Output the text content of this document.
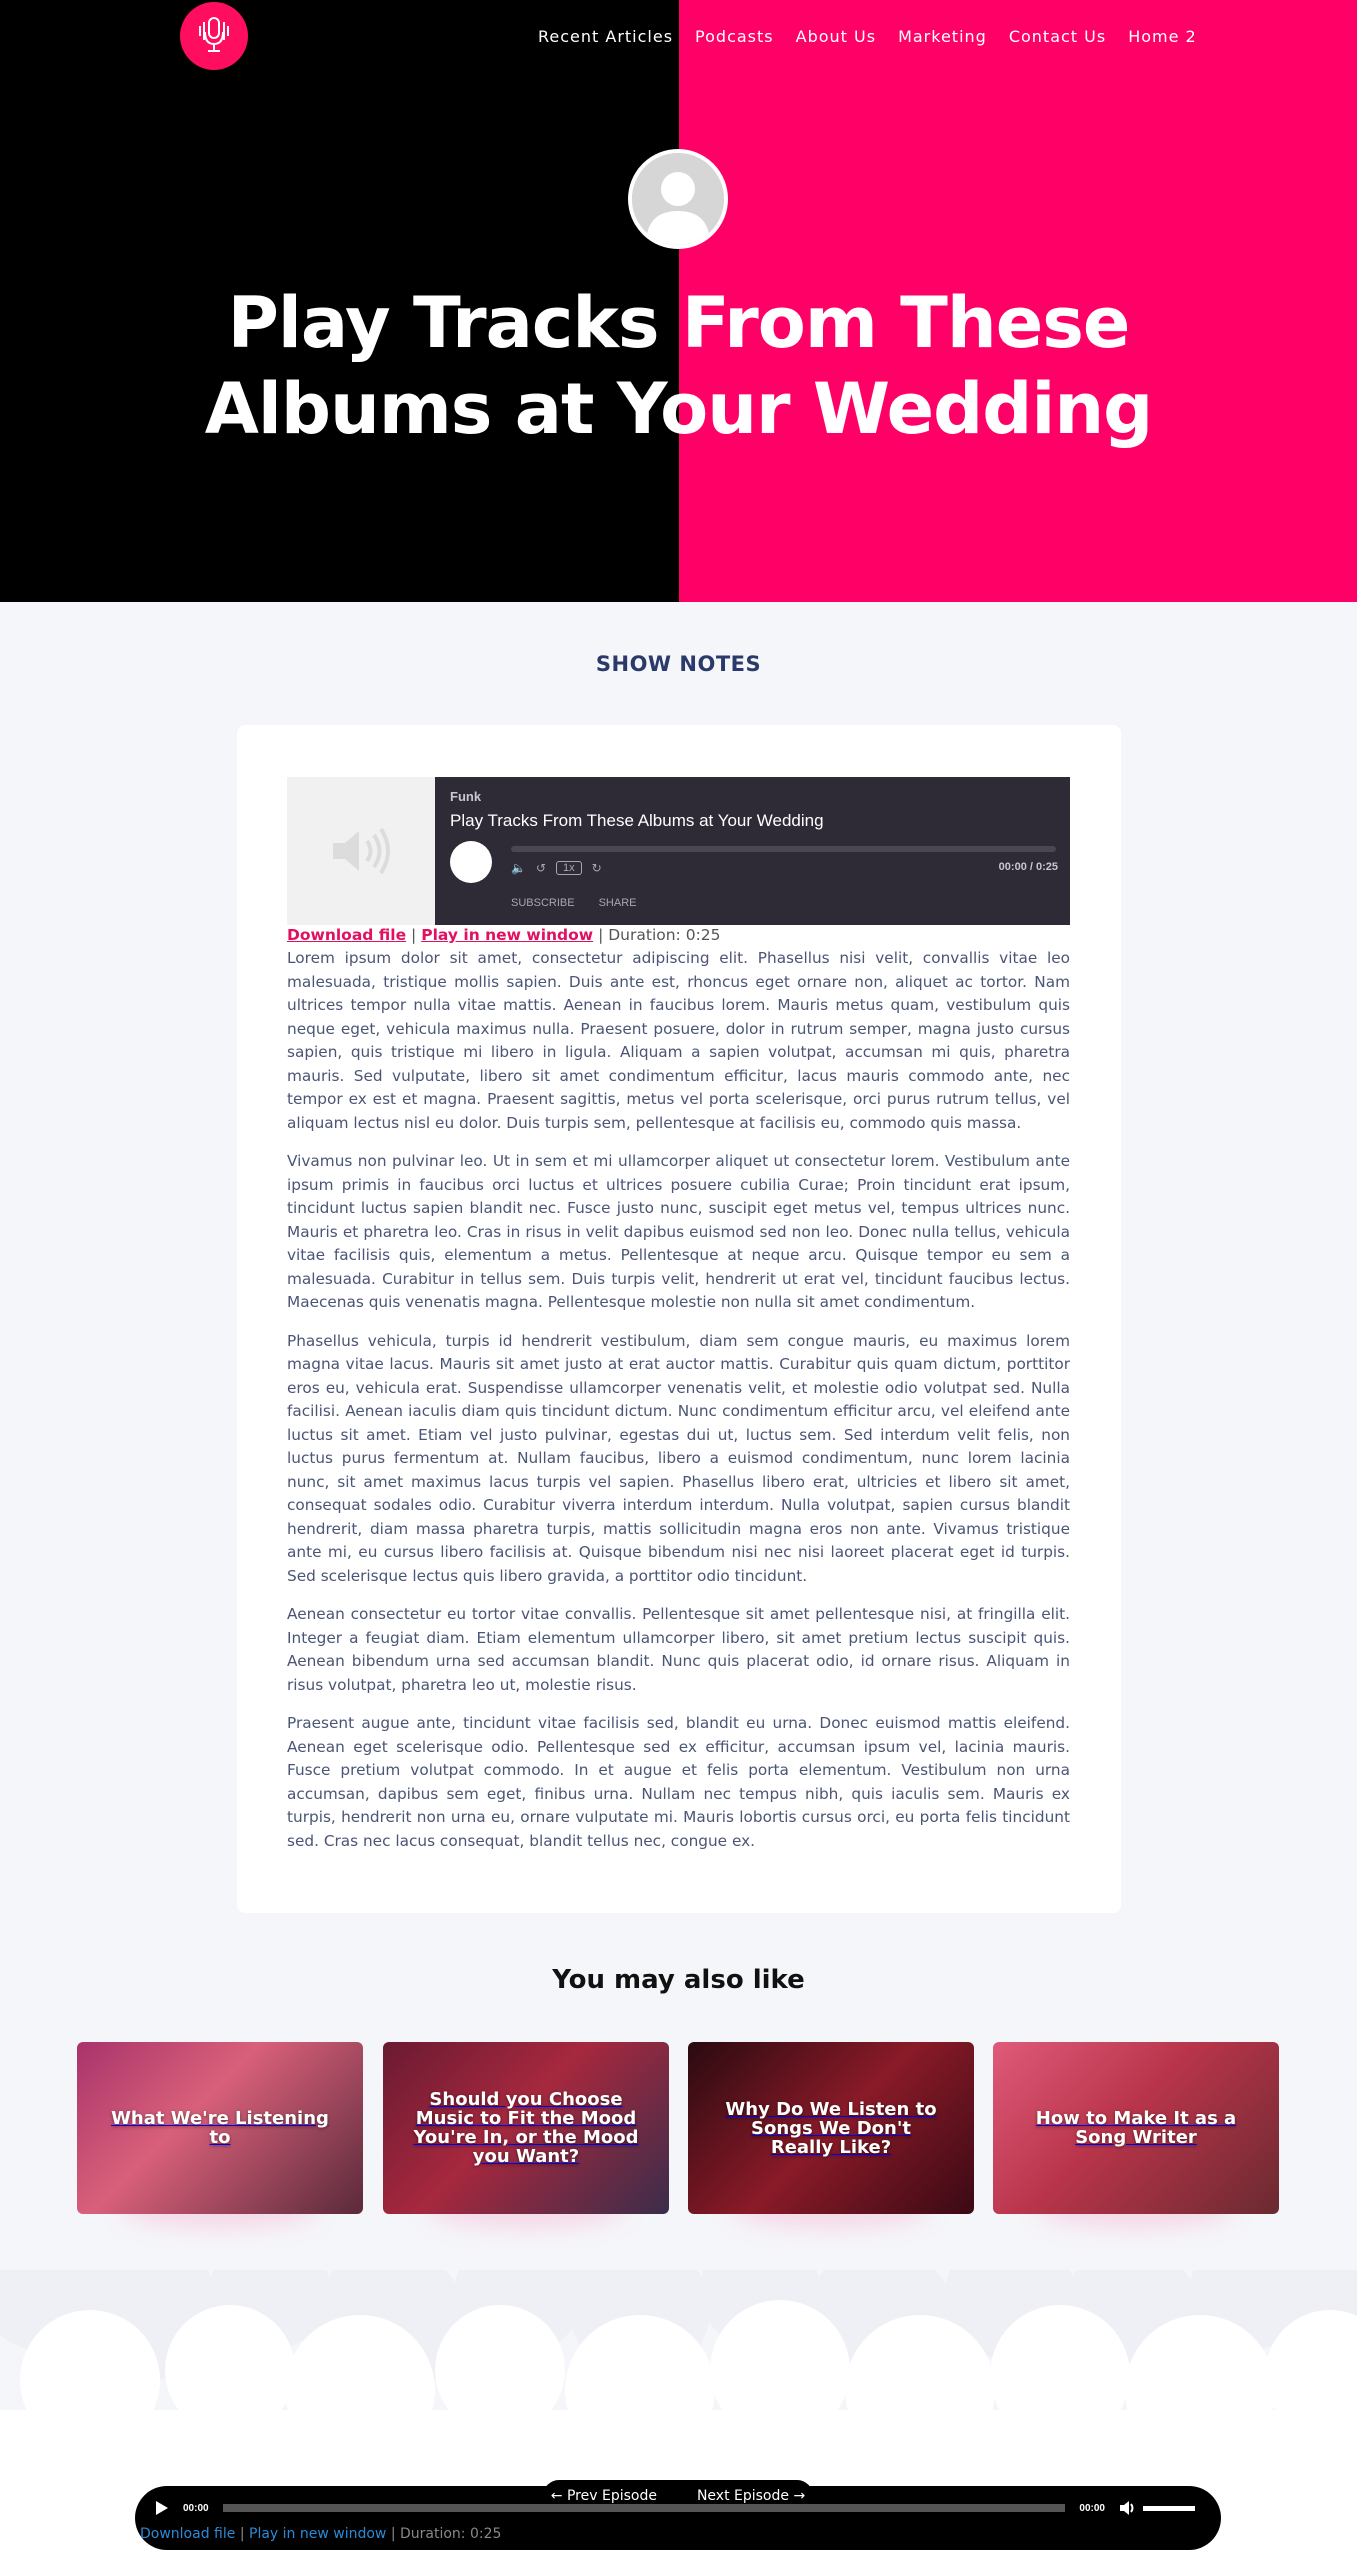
Recent Articles Podcasts About Us Marketing Contact Us Home 2
Play Tracks From These
Albums at Your Wedding
SHOW NOTES
Funk
Play Tracks From These Albums at Your Wedding
🔈 ↺	1x	↻	00:00 / 0:25
SUBSCRIBE SHARE
Download file | Play in new window | Duration: 0:25

Lorem ipsum dolor sit amet, consectetur adipiscing elit. Phasellus nisi velit, convallis vitae leo malesuada, tristique mollis sapien. Duis ante est, rhoncus eget ornare non, aliquet ac tortor. Nam ultrices tempor nulla vitae mattis. Aenean in faucibus lorem. Mauris metus quam, vestibulum quis neque eget, vehicula maximus nulla. Praesent posuere, dolor in rutrum semper, magna justo cursus sapien, quis tristique mi libero in ligula. Aliquam a sapien volutpat, accumsan mi quis, pharetra mauris. Sed vulputate, libero sit amet condimentum efficitur, lacus mauris commodo ante, nec tempor ex est et magna. Praesent sagittis, metus vel porta scelerisque, orci purus rutrum tellus, vel aliquam lectus nisl eu dolor. Duis turpis sem, pellentesque at facilisis eu, commodo quis massa.

Vivamus non pulvinar leo. Ut in sem et mi ullamcorper aliquet ut consectetur lorem. Vestibulum ante ipsum primis in faucibus orci luctus et ultrices posuere cubilia Curae; Proin tincidunt erat ipsum, tincidunt luctus sapien blandit nec. Fusce justo nunc, suscipit eget metus vel, tempus ultrices nunc. Mauris et pharetra leo. Cras in risus in velit dapibus euismod sed non leo. Donec nulla tellus, vehicula vitae facilisis quis, elementum a metus. Pellentesque at neque arcu. Quisque tempor eu sem a malesuada. Curabitur in tellus sem. Duis turpis velit, hendrerit ut erat vel, tincidunt faucibus lectus. Maecenas quis venenatis magna. Pellentesque molestie non nulla sit amet condimentum.

Phasellus vehicula, turpis id hendrerit vestibulum, diam sem congue mauris, eu maximus lorem magna vitae lacus. Mauris sit amet justo at erat auctor mattis. Curabitur quis quam dictum, porttitor eros eu, vehicula erat. Suspendisse ullamcorper venenatis velit, et molestie odio volutpat sed. Nulla facilisi. Aenean iaculis diam quis tincidunt dictum. Nunc condimentum efficitur arcu, vel eleifend ante luctus sit amet. Etiam vel justo pulvinar, egestas dui ut, luctus sem. Sed interdum velit felis, non luctus purus fermentum at. Nullam faucibus, libero a euismod condimentum, nunc lorem lacinia nunc, sit amet maximus lacus turpis vel sapien. Phasellus libero erat, ultricies et libero sit amet, consequat sodales odio. Curabitur viverra interdum interdum. Nulla volutpat, sapien cursus blandit hendrerit, diam massa pharetra turpis, mattis sollicitudin magna eros non ante. Vivamus tristique ante mi, eu cursus libero facilisis at. Quisque bibendum nisi nec nisi laoreet placerat eget id turpis. Sed scelerisque lectus quis libero gravida, a porttitor odio tincidunt.

Aenean consectetur eu tortor vitae convallis. Pellentesque sit amet pellentesque nisi, at fringilla elit. Integer a feugiat diam. Etiam elementum ullamcorper libero, sit amet pretium lectus suscipit quis. Aenean bibendum urna sed accumsan blandit. Nunc quis placerat odio, id ornare risus. Aliquam in risus volutpat, pharetra leo ut, molestie risus.

Praesent augue ante, tincidunt vitae facilisis sed, blandit eu urna. Donec euismod mattis eleifend. Aenean eget scelerisque odio. Pellentesque sed ex efficitur, accumsan ipsum vel, lacinia mauris. Fusce pretium volutpat commodo. In et augue et felis porta elementum. Vestibulum non urna accumsan, dapibus sem eget, finibus urna. Nullam nec tempus nibh, quis iaculis sem. Mauris ex turpis, hendrerit non urna eu, ornare vulputate mi. Mauris lobortis cursus orci, eu porta felis tincidunt sed. Cras nec lacus consequat, blandit tellus nec, congue ex.

You may also like
What We're Listening to
Should you Choose Music to Fit the Mood You're In, or the Mood you Want?
Why Do We Listen to Songs We Don't Really Like?
How to Make It as a Song Writer
← Prev Episode	Next Episode →
00:00	00:00
Download file | Play in new window | Duration: 0:25
